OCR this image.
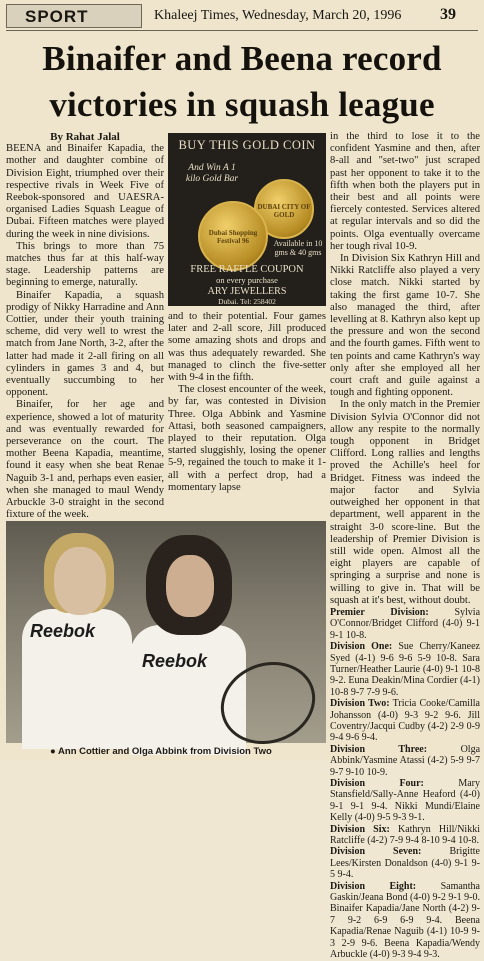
SPORT	Khaleej Times, Wednesday, March 20, 1996 39
Binaifer and Beena record
victories in squash league

By Rahat Jalal

BEENA and Binaifer Kapadia, the mother and daughter combine of Division Eight, triumphed over their respective rivals in Week Five of Reebok-sponsored and UAESRA-organised Ladies Squash League of Dubai. Fifteen matches were played during the week in nine divisions.

This brings to more than 75 matches thus far at this half-way stage. Leadership patterns are beginning to emerge, naturally.

Binaifer Kapadia, a squash prodigy of Nikky Harradine and Ann Cottier, under their youth training scheme, did very well to wrest the match from Jane North, 3-2, after the latter had made it 2-all firing on all cylinders in games 3 and 4, but eventually succumbing to her opponent.

Binaifer, for her age and experience, showed a lot of maturity and was eventually rewarded for perseverance on the court. The mother Beena Kapadia, meantime, found it easy when she beat Renae Naguib 3-1 and, perhaps even easier, when she managed to maul Wendy Arbuckle 3-0 straight in the second fixture of the week.

BUY THIS GOLD COIN
And Win A 1 kilo Gold Bar
DUBAI CITY OF GOLD
Dubai Shopping Festival 96	Available in 10 gms & 40 gms
FREE RAFFLE COUPON
on every purchase
ARY JEWELLERS
Dubai. Tel: 258402

and to their potential. Four games later and 2-all score, Jill produced some amazing shots and drops and was thus adequately rewarded. She managed to clinch the five-setter with 9-4 in the fifth.

The closest encounter of the week, by far, was contested in Division Three. Olga Abbink and Yasmine Attasi, both seasoned campaigners, played to their reputation. Olga started sluggishly, losing the opener 5-9, regained the touch to make it 1-all with a perfect drop, had a momentary lapse

in the third to lose it to the confident Yasmine and then, after 8-all and "set-two" just scraped past her opponent to take it to the fifth when both the players put in their best and all points were fiercely contested. Services altered at regular intervals and so did the points. Olga eventually overcame her tough rival 10-9.

In Division Six Kathryn Hill and Nikki Ratcliffe also played a very close match. Nikki started by taking the first game 10-7. She also managed the third, after levelling at 8. Kathryn also kept up the pressure and won the second and the fourth games. Fifth went to ten points and came Kathryn's way only after she employed all her court craft and guile against a tough and fighting opponent.

In the only match in the Premier Division Sylvia O'Connor did not allow any respite to the normally tough opponent in Bridget Clifford. Long rallies and lengths proved the Achille's heel for Bridget. Fitness was indeed the major factor and Sylvia outweighed her opponent in that department, well apparent in the straight 3-0 score-line. But the leadership of Premier Division is still wide open. Almost all the eight players are capable of springing a surprise and none is willing to give in. That will be squash at it's best, without doubt.

Premier Division:	Sylvia O'Connor/Bridget Clifford (4-0) 9-1 9-1 10-8.

Division One: Sue Cherry/Kaneez Syed (4-1) 9-6 9-6 5-9 10-8. Sara Turner/Heather Laurie (4-0) 9-1 10-8 9-2. Euna Deakin/Mina Cordier (4-1) 10-8 9-7 7-9 9-6.

Division Two: Tricia Cooke/Camilla Johansson (4-0) 9-3 9-2 9-6. Jill Coventry/Jacqui Cudby (4-2) 2-9 0-9 9-4 9-6 9-4.

Division Three:	Olga Abbink/Yasmine Atassi (4-2) 5-9 9-7 9-7 9-10 10-9.

Division Four:	Mary Stansfield/Sally-Anne Heaford (4-0) 9-1 9-1 9-4. Nikki Mundi/Elaine Kelly (4-0) 9-5 9-3 9-1.

Division Six: Kathryn Hill/Nikki Ratcliffe (4-2) 7-9 9-4 8-10 9-4 10-8.

Division Seven:	Brigitte Lees/Kirsten Donaldson (4-0) 9-1 9-5 9-4.

Division Eight: Samantha Gaskin/Jeana Bond (4-0) 9-2 9-1 9-0. Binaifer Kapadia/Jane North (4-2) 9-7 9-2 6-9 6-9 9-4. Beena Kapadia/Renae Naguib (4-1) 10-9 9-3 2-9 9-6. Beena Kapadia/Wendy Arbuckle (4-0) 9-3 9-4 9-3.

Reebok
Reebok
● Ann Cottier and Olga Abbink from Division Two
